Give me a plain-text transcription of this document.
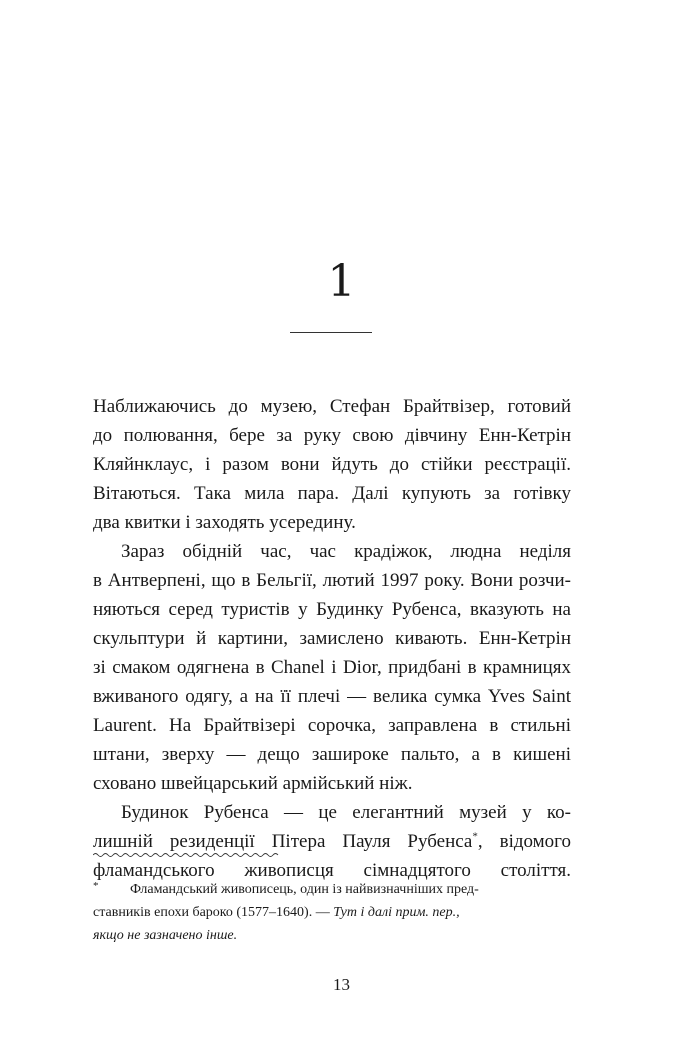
1
Наближаючись до музею, Стефан Брайтвізер, готовий
до полювання, бере за руку свою дівчину Енн-Кетрін
Кляйнклаус, і разом вони йдуть до стійки реєстрації.
Вітаються. Така мила пара. Далі купують за готівку
два квитки і заходять усередину.
Зараз обідній час, час крадіжок, людна неділя
в Антверпені, що в Бельгії, лютий 1997 року. Вони розчи-
няються серед туристів у Будинку Рубенса, вказують на
скульптури й картини, замислено кивають. Енн-Кетрін
зі смаком одягнена в Chanel і Dior, придбані в крамницях
вживаного одягу, а на її плечі — велика сумка Yves Saint
Laurent. На Брайтвізері сорочка, заправлена в стильні
штани, зверху — дещо зашироке пальто, а в кишені
сховано швейцарський армійський ніж.
Будинок Рубенса — це елегантний музей у ко-
лишній резиденції Пітера Пауля Рубенса*, відомого
фламандського живописця сімнадцятого століття.
*	Фламандський живописець, один із найвизначніших пред-
ставників епохи бароко (1577–1640). — Тут і далі прим. пер.,
якщо не зазначено інше.
13
